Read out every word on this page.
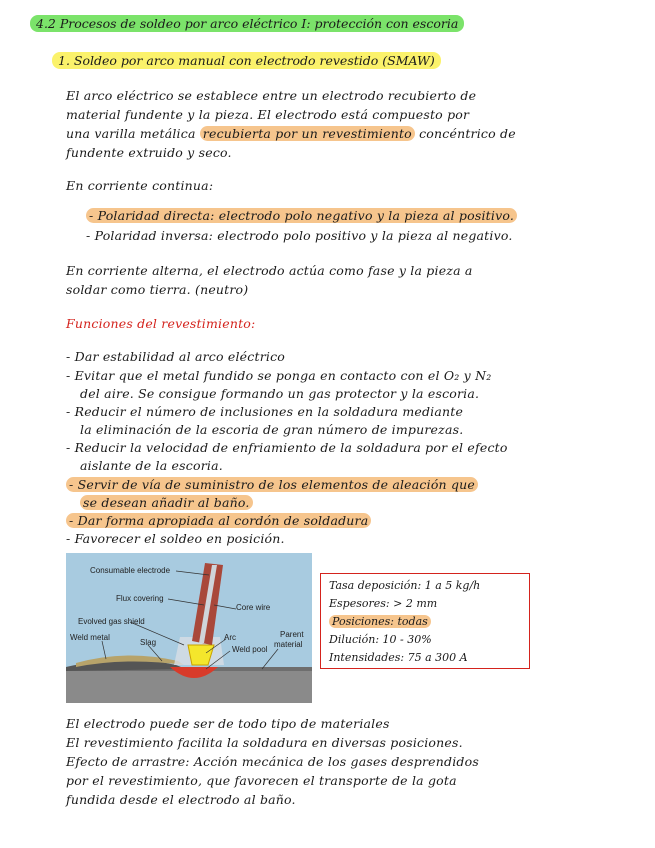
4.2 Procesos de soldeo por arco eléctrico I: protección con escoria
1. Soldeo por arco manual con electrodo revestido (SMAW)
El arco eléctrico se establece entre un electrodo recubierto de
material fundente y la pieza. El electrodo está compuesto por
una varilla metálica recubierta por un revestimiento concéntrico de
fundente extruido y seco.
En corriente continua:
- Polaridad directa: electrodo polo negativo y la pieza al positivo.
- Polaridad inversa: electrodo polo positivo y la pieza al negativo.
En corriente alterna, el electrodo actúa como fase y la pieza a
soldar como tierra. (neutro)
Funciones del revestimiento:
- Dar estabilidad al arco eléctrico
- Evitar que el metal fundido se ponga en contacto con el O₂ y N₂
del aire. Se consigue formando un gas protector y la escoria.
- Reducir el número de inclusiones en la soldadura mediante
la eliminación de la escoria de gran número de impurezas.
- Reducir la velocidad de enfriamiento de la soldadura por el efecto
aislante de la escoria.
- Servir de vía de suministro de los elementos de aleación que
se desean añadir al baño.
- Dar forma apropiada al cordón de soldadura
- Favorecer el soldeo en posición.
Consumable electrode
Flux covering
Core wire
Evolved gas shield
Weld metal
Slag
Arc
Weld pool
Parent
material
Tasa deposición: 1 a 5 kg/h
Espesores: > 2 mm
Posiciones: todas
Dilución: 10 - 30%
Intensidades: 75 a 300 A
El electrodo puede ser de todo tipo de materiales
El revestimiento facilita la soldadura en diversas posiciones.
Efecto de arrastre: Acción mecánica de los gases desprendidos
por el revestimiento, que favorecen el transporte de la gota
fundida desde el electrodo al baño.
